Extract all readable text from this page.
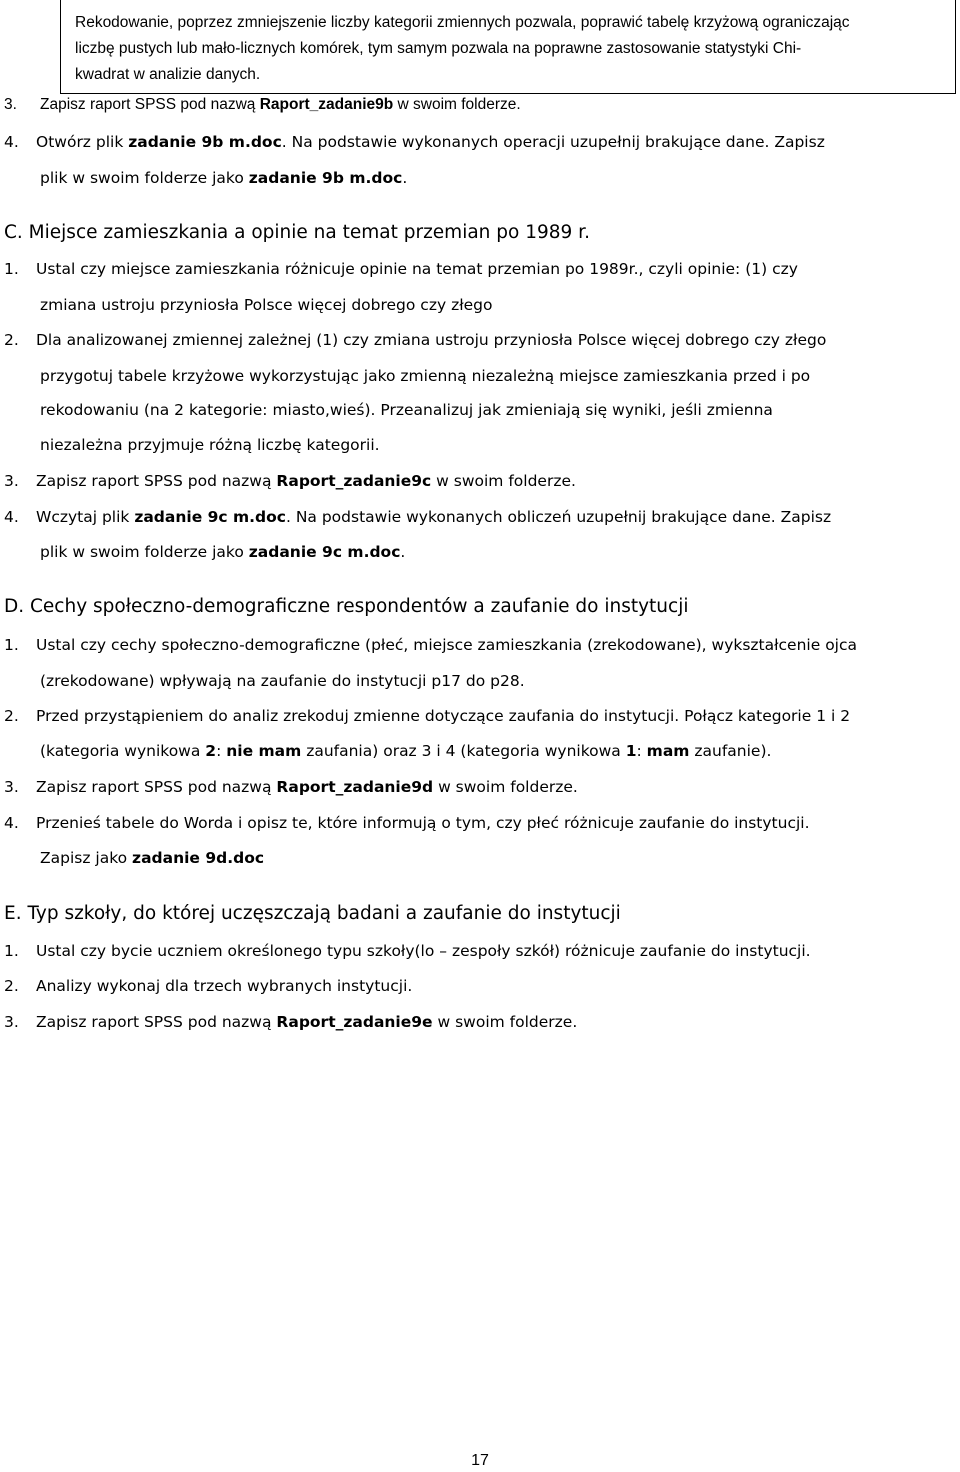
Rekodowanie, poprzez zmniejszenie liczby kategorii zmiennych pozwala, poprawić tabelę krzyżową ograniczając
liczbę pustych lub mało-licznych komórek, tym samym pozwala na poprawne zastosowanie statystyki Chi-
kwadrat w analizie danych.
3. Zapisz raport SPSS pod nazwą Raport_zadanie9b w swoim folderze.
4. Otwórz plik zadanie 9b m.doc. Na podstawie wykonanych operacji uzupełnij brakujące dane. Zapisz
plik w swoim folderze jako zadanie 9b m.doc.
C. Miejsce zamieszkania a opinie na temat przemian po 1989 r.
1. Ustal czy miejsce zamieszkania różnicuje opinie na temat przemian po 1989r., czyli opinie: (1) czy
zmiana ustroju przyniosła Polsce więcej dobrego czy złego
2. Dla analizowanej zmiennej zależnej (1) czy zmiana ustroju przyniosła Polsce więcej dobrego czy złego
przygotuj tabele krzyżowe wykorzystując jako zmienną niezależną miejsce zamieszkania przed i po
rekodowaniu (na 2 kategorie: miasto,wieś). Przeanalizuj jak zmieniają się wyniki, jeśli zmienna
niezależna przyjmuje różną liczbę kategorii.
3. Zapisz raport SPSS pod nazwą Raport_zadanie9c w swoim folderze.
4. Wczytaj plik zadanie 9c m.doc. Na podstawie wykonanych obliczeń uzupełnij brakujące dane. Zapisz
plik w swoim folderze jako zadanie 9c m.doc.
D. Cechy społeczno-demograficzne respondentów a zaufanie do instytucji
1. Ustal czy cechy społeczno-demograficzne (płeć, miejsce zamieszkania (zrekodowane), wykształcenie ojca
(zrekodowane) wpływają na zaufanie do instytucji p17 do p28.
2. Przed przystąpieniem do analiz zrekoduj zmienne dotyczące zaufania do instytucji. Połącz kategorie 1 i 2
(kategoria wynikowa 2: nie mam zaufania) oraz 3 i 4 (kategoria wynikowa 1: mam zaufanie).
3. Zapisz raport SPSS pod nazwą Raport_zadanie9d w swoim folderze.
4. Przenieś tabele do Worda i opisz te, które informują o tym, czy płeć różnicuje zaufanie do instytucji.
Zapisz jako zadanie 9d.doc
E. Typ szkoły, do której uczęszczają badani a zaufanie do instytucji
1. Ustal czy bycie uczniem określonego typu szkoły(lo – zespoły szkół) różnicuje zaufanie do instytucji.
2. Analizy wykonaj dla trzech wybranych instytucji.
3. Zapisz raport SPSS pod nazwą Raport_zadanie9e w swoim folderze.
17
